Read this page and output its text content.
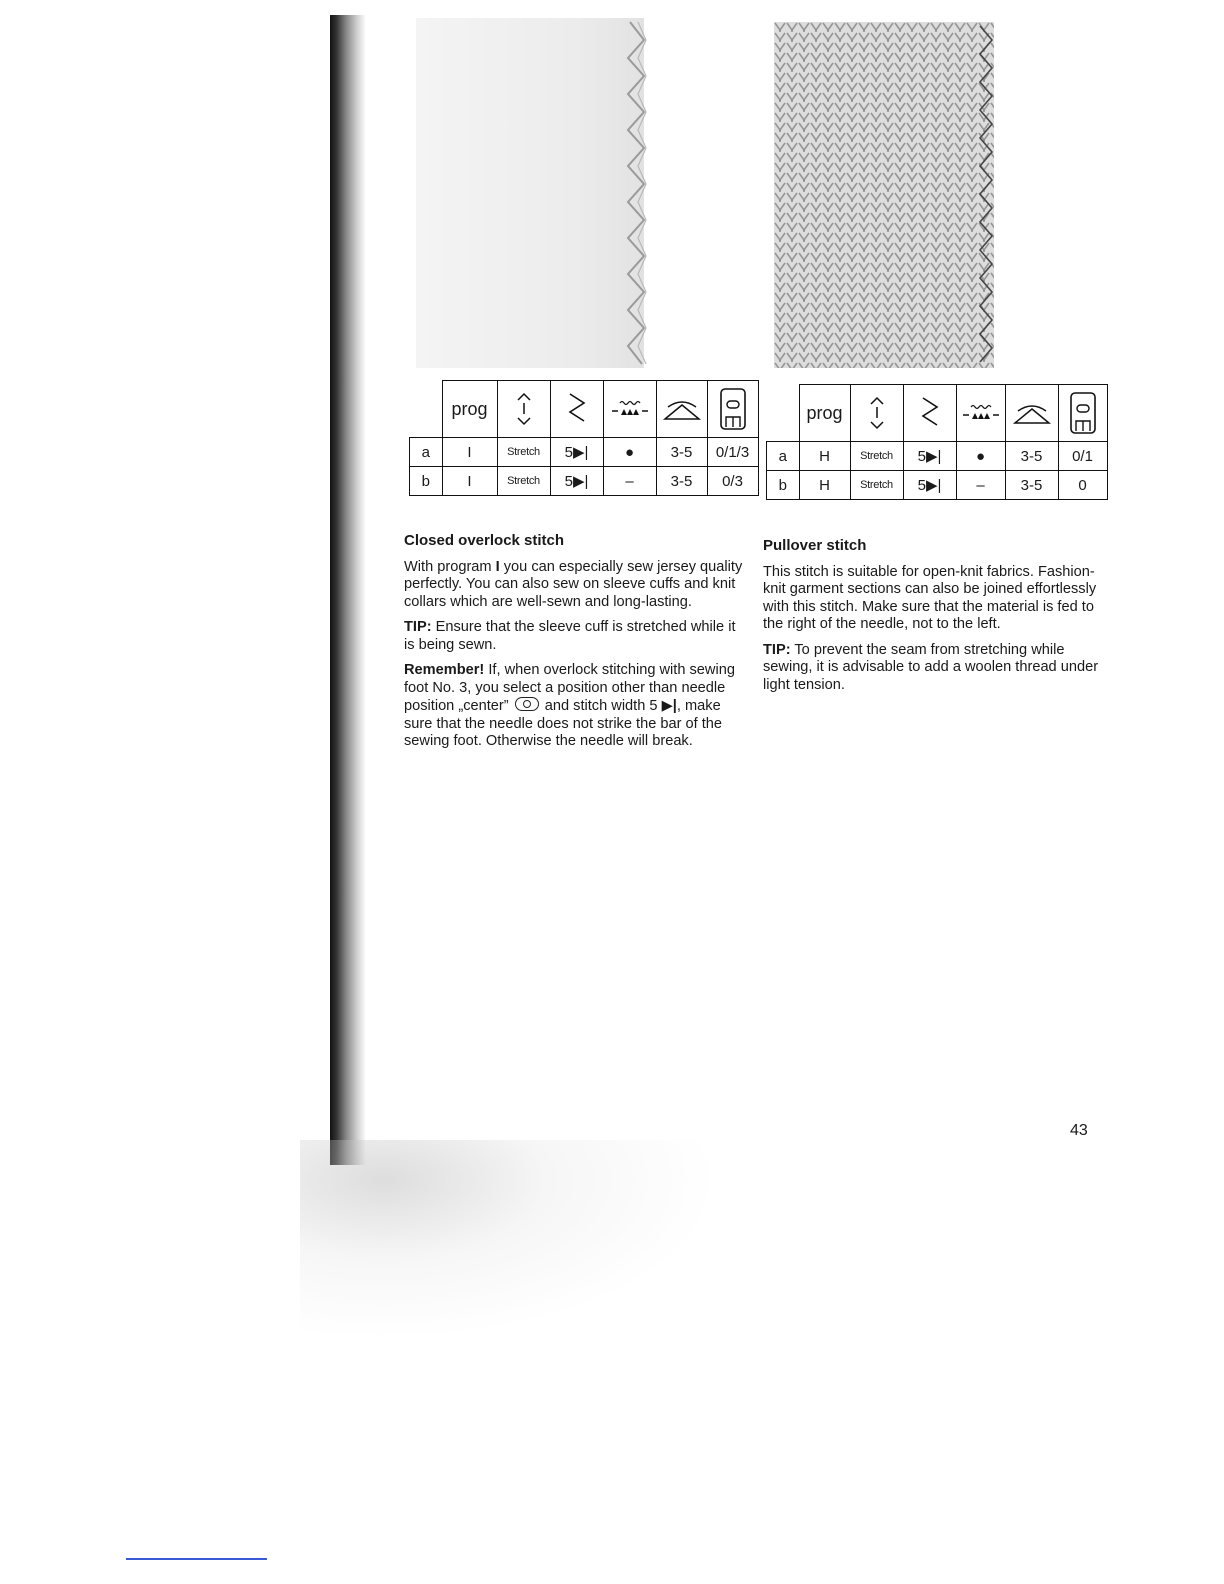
	prog	

a	I	Stretch	5▶|	●	3-5	0/1/3
b	I	Stretch	5▶|	–	3-5	0/3
	prog	

a	H	Stretch	5▶|	●	3-5	0/1
b	H	Stretch	5▶|	–	3-5	0
Closed overlock stitch

With program I you can especially sew jersey quality perfectly. You can also sew on sleeve cuffs and knit collars which are well-sewn and long-lasting.

TIP: Ensure that the sleeve cuff is stretched while it is being sewn.

Remember! If, when overlock stitching with sewing foot No. 3, you select a position other than needle position „center”  and stitch width 5 ▶|, make sure that the needle does not strike the bar of the sewing foot. Otherwise the needle will break.

Pullover stitch

This stitch is suitable for open-knit fabrics. Fashion-knit garment sections can also be joined effortlessly with this stitch. Make sure that the material is fed to the right of the needle, not to the left.

TIP: To prevent the seam from stretching while sewing, it is advisable to add a woolen thread under light tension.

43
